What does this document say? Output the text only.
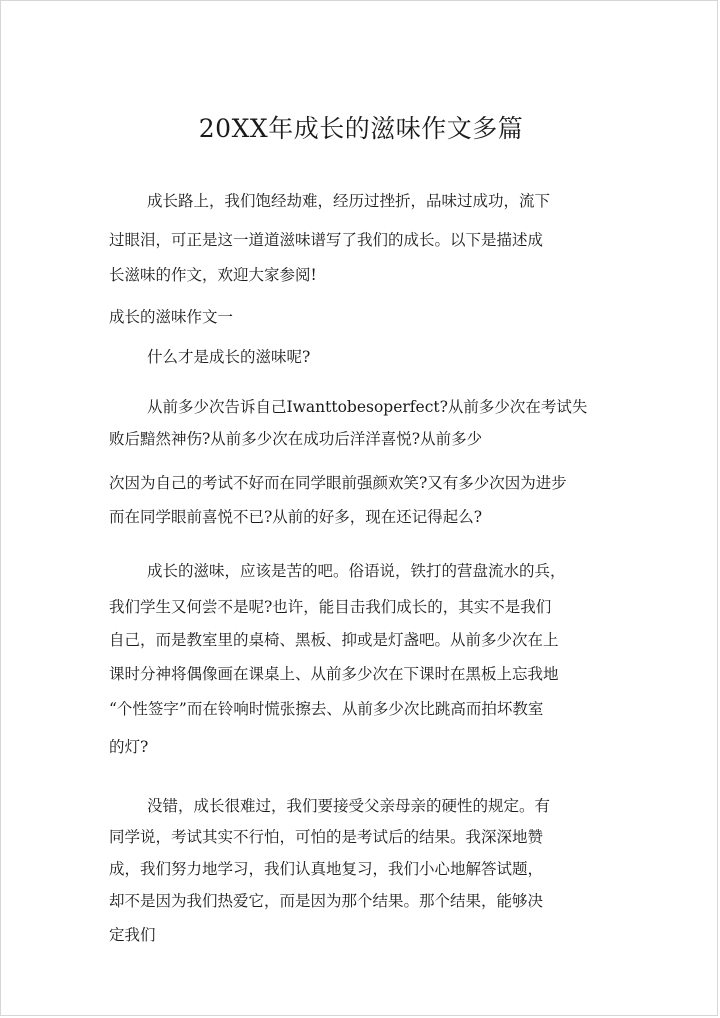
20XX年成长的滋味作文多篇
成长路上，我们饱经劫难，经历过挫折，品味过成功，流下
过眼泪，可正是这一道道滋味谱写了我们的成长。以下是描述成
长滋味的作文，欢迎大家参阅!
成长的滋味作文一
什么才是成长的滋味呢?
从前多少次告诉自己Iwanttobesoperfect?从前多少次在考试失
败后黯然神伤?从前多少次在成功后洋洋喜悦?从前多少
次因为自己的考试不好而在同学眼前强颜欢笑?又有多少次因为进步
而在同学眼前喜悦不已?从前的好多，现在还记得起么?
成长的滋味，应该是苦的吧。俗语说，铁打的营盘流水的兵，
我们学生又何尝不是呢?也许，能目击我们成长的，其实不是我们
自己，而是教室里的桌椅、黑板、抑或是灯盏吧。从前多少次在上
课时分神将偶像画在课桌上、从前多少次在下课时在黑板上忘我地
“个性签字”而在铃响时慌张擦去、从前多少次比跳高而拍坏教室
的灯?
没错，成长很难过，我们要接受父亲母亲的硬性的规定。有
同学说，考试其实不行怕，可怕的是考试后的结果。我深深地赞
成，我们努力地学习，我们认真地复习，我们小心地解答试题，
却不是因为我们热爱它，而是因为那个结果。那个结果，能够决
定我们
